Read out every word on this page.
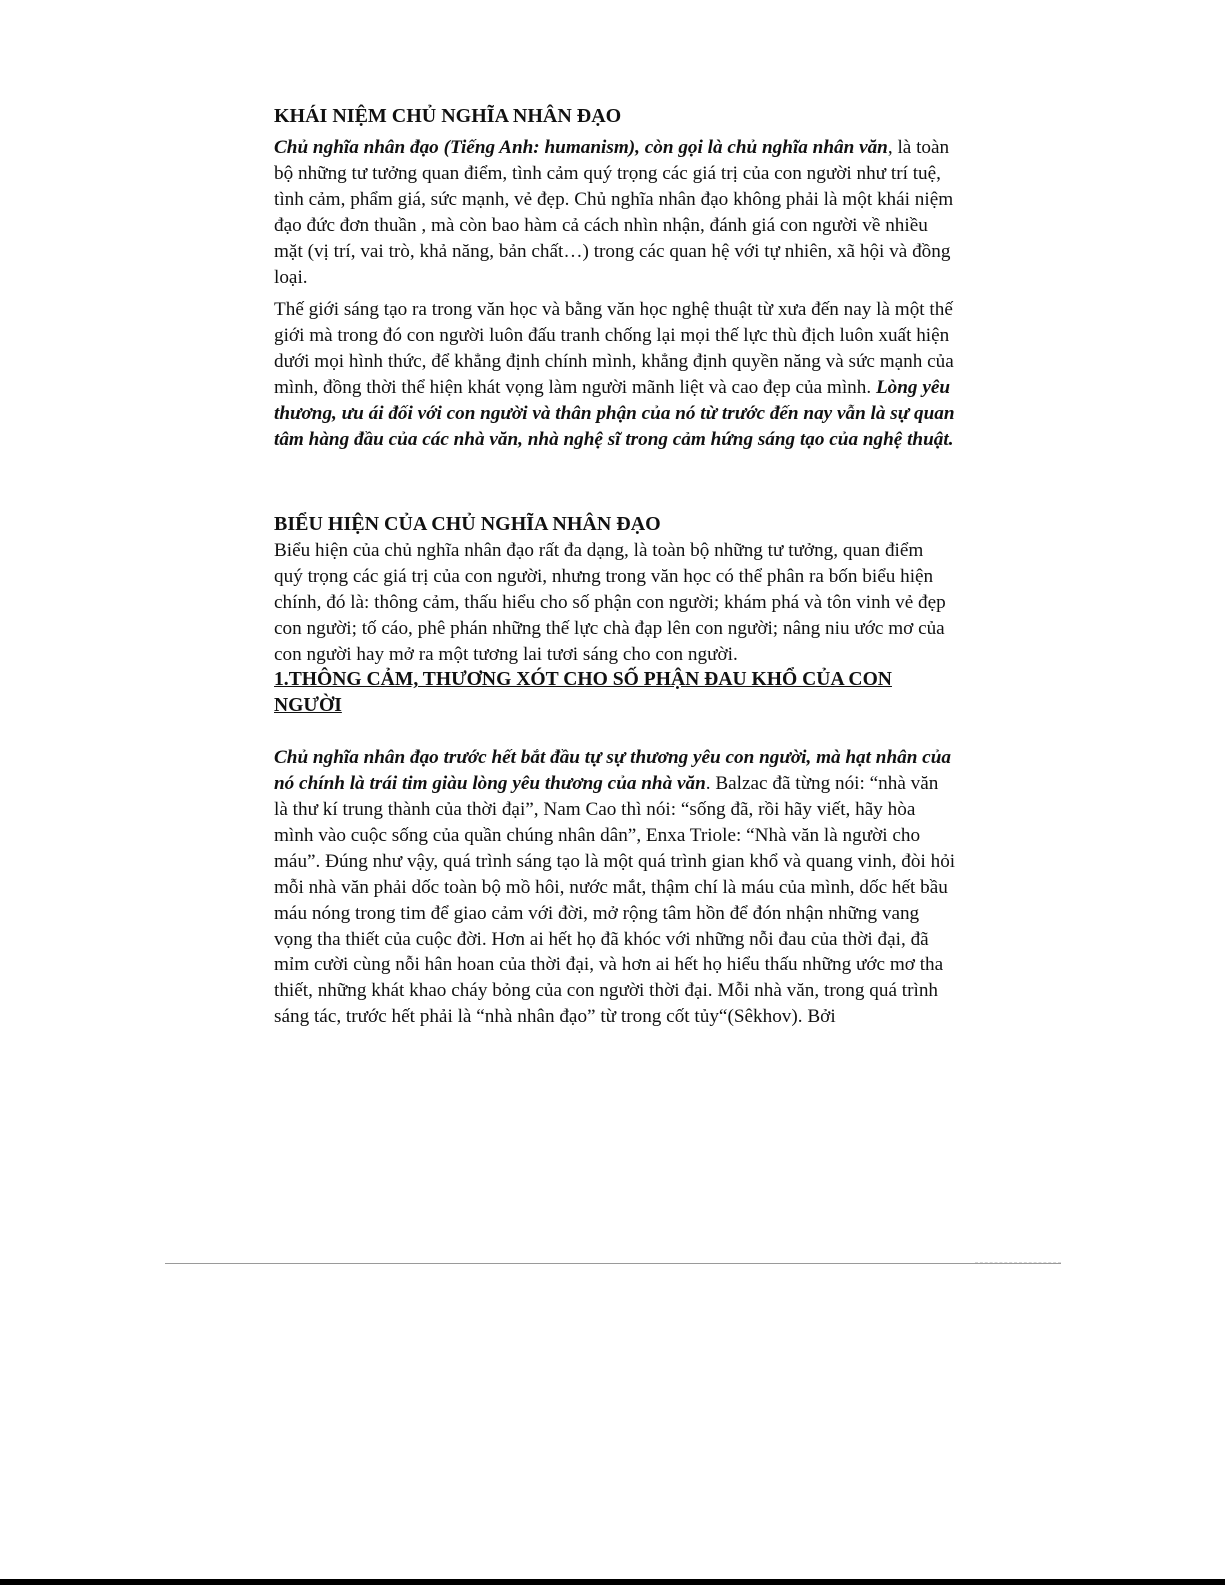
KHÁI NIỆM CHỦ NGHĨA NHÂN ĐẠO

Chủ nghĩa nhân đạo (Tiếng Anh: humanism), còn gọi là chủ nghĩa nhân văn, là toàn bộ những tư tưởng quan điểm, tình cảm quý trọng các giá trị của con người như trí tuệ, tình cảm, phẩm giá, sức mạnh, vẻ đẹp. Chủ nghĩa nhân đạo không phải là một khái niệm đạo đức đơn thuần , mà còn bao hàm cả cách nhìn nhận, đánh giá con người về nhiều mặt (vị trí, vai trò, khả năng, bản chất…) trong các quan hệ với tự nhiên, xã hội và đồng loại.

Thế giới sáng tạo ra trong văn học và bằng văn học nghệ thuật từ xưa đến nay là một thế giới mà trong đó con người luôn đấu tranh chống lại mọi thế lực thù địch luôn xuất hiện dưới mọi hình thức, để khẳng định chính mình, khẳng định quyền năng và sức mạnh của mình, đồng thời thể hiện khát vọng làm người mãnh liệt và cao đẹp của mình. Lòng yêu thương, ưu ái đối với con người và thân phận của nó từ trước đến nay vẫn là sự quan tâm hàng đầu của các nhà văn, nhà nghệ sĩ trong cảm hứng sáng tạo của nghệ thuật.

BIỂU HIỆN CỦA CHỦ NGHĨA NHÂN ĐẠO

Biểu hiện của chủ nghĩa nhân đạo rất đa dạng, là toàn bộ những tư tưởng, quan điểm quý trọng các giá trị của con người, nhưng trong văn học có thể phân ra bốn biểu hiện chính, đó là: thông cảm, thấu hiểu cho số phận con người; khám phá và tôn vinh vẻ đẹp con người; tố cáo, phê phán những thế lực chà đạp lên con người; nâng niu ước mơ của con người hay mở ra một tương lai tươi sáng cho con người.

1.THÔNG CẢM, THƯƠNG XÓT CHO SỐ PHẬN ĐAU KHỔ CỦA CON NGƯỜI

Chủ nghĩa nhân đạo trước hết bắt đầu tự sự thương yêu con người, mà hạt nhân của nó chính là trái tim giàu lòng yêu thương của nhà văn. Balzac đã từng nói: “nhà văn là thư kí trung thành của thời đại”, Nam Cao thì nói: “sống đã, rồi hãy viết, hãy hòa mình vào cuộc sống của quần chúng nhân dân”, Enxa Triole: “Nhà văn là người cho máu”. Đúng như vậy, quá trình sáng tạo là một quá trình gian khổ và quang vinh, đòi hỏi mỗi nhà văn phải dốc toàn bộ mồ hôi, nước mắt, thậm chí là máu của mình, dốc hết bầu máu nóng trong tim để giao cảm với đời, mở rộng tâm hồn để đón nhận những vang vọng tha thiết của cuộc đời. Hơn ai hết họ đã khóc với những nỗi đau của thời đại, đã mỉm cười cùng nỗi hân hoan của thời đại, và hơn ai hết họ hiểu thấu những ước mơ tha thiết, những khát khao cháy bỏng của con người thời đại. Mỗi nhà văn, trong quá trình sáng tác, trước hết phải là “nhà nhân đạo” từ trong cốt tủy“(Sêkhov). Bởi
